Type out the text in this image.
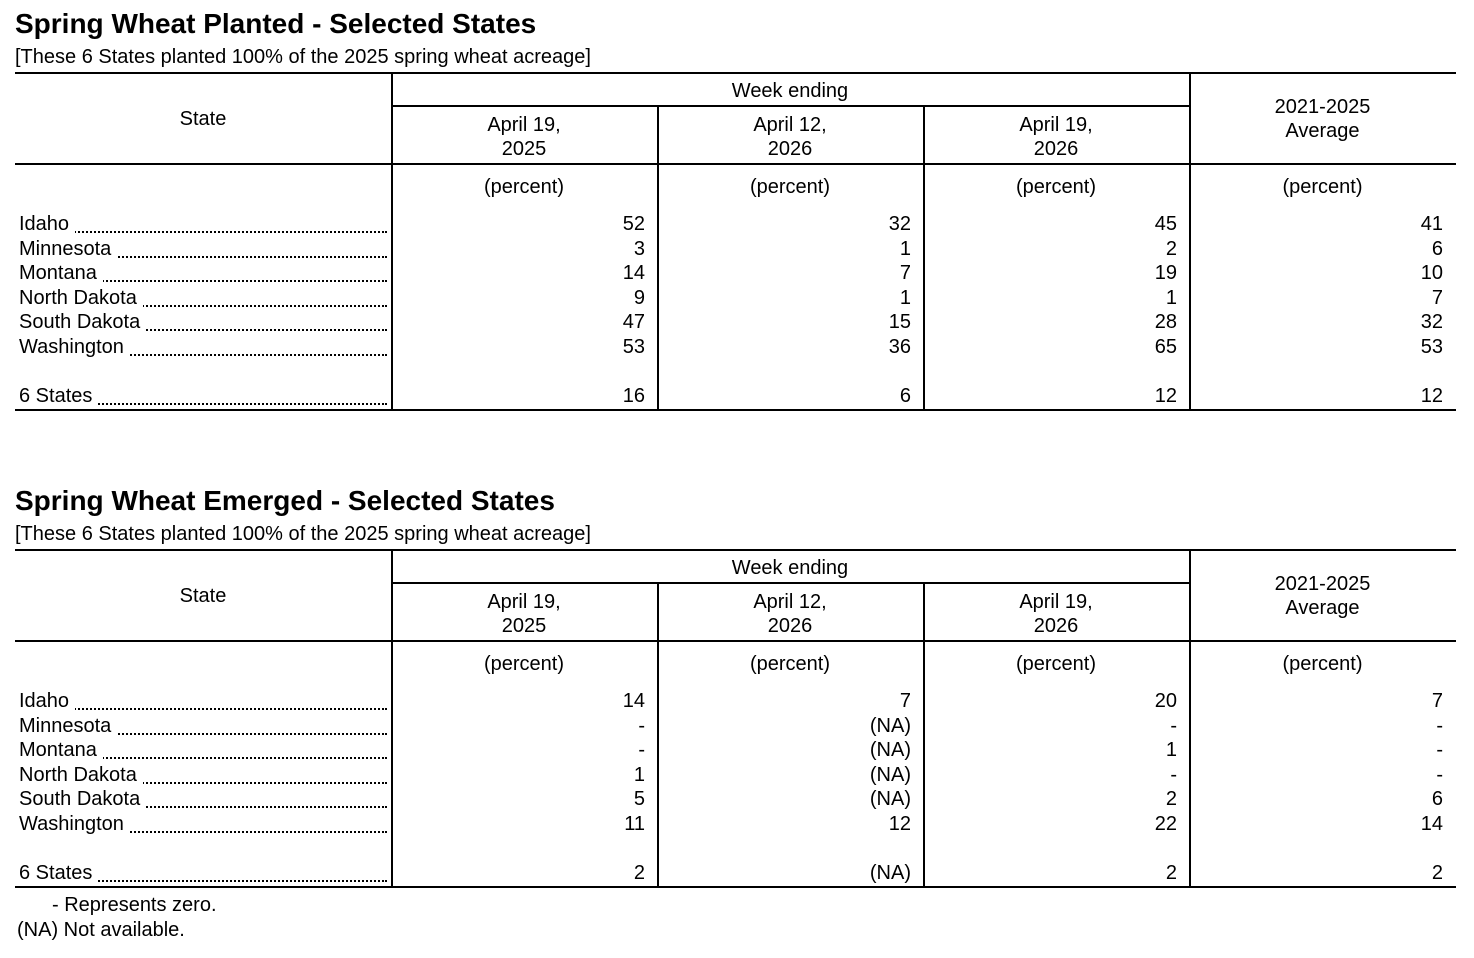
Spring Wheat Planted - Selected States
[These 6 States planted 100% of the 2025 spring wheat acreage]
State
Week ending
April 19,
2025
April 12,
2026
April 19,
2026
2021-2025
Average
(percent)	(percent)	(percent)	(percent)
Idaho	52	32	45	41
Minnesota	3	1	2	6
Montana	14	7	19	10
North Dakota	9	1	1	7
South Dakota	47	15	28	32
Washington	53	36	65	53
6 States	16	6	12	12
Spring Wheat Emerged - Selected States
[These 6 States planted 100% of the 2025 spring wheat acreage]
State
Week ending
April 19,
2025
April 12,
2026
April 19,
2026
2021-2025
Average
(percent)	(percent)	(percent)	(percent)
Idaho	14	7	20	7
Minnesota	-	(NA)	-	-
Montana	-	(NA)	1	-
North Dakota	1	(NA)	-	-
South Dakota	5	(NA)	2	6
Washington	11	12	22	14
6 States	2	(NA)	2	2
- Represents zero.
(NA) Not available.
